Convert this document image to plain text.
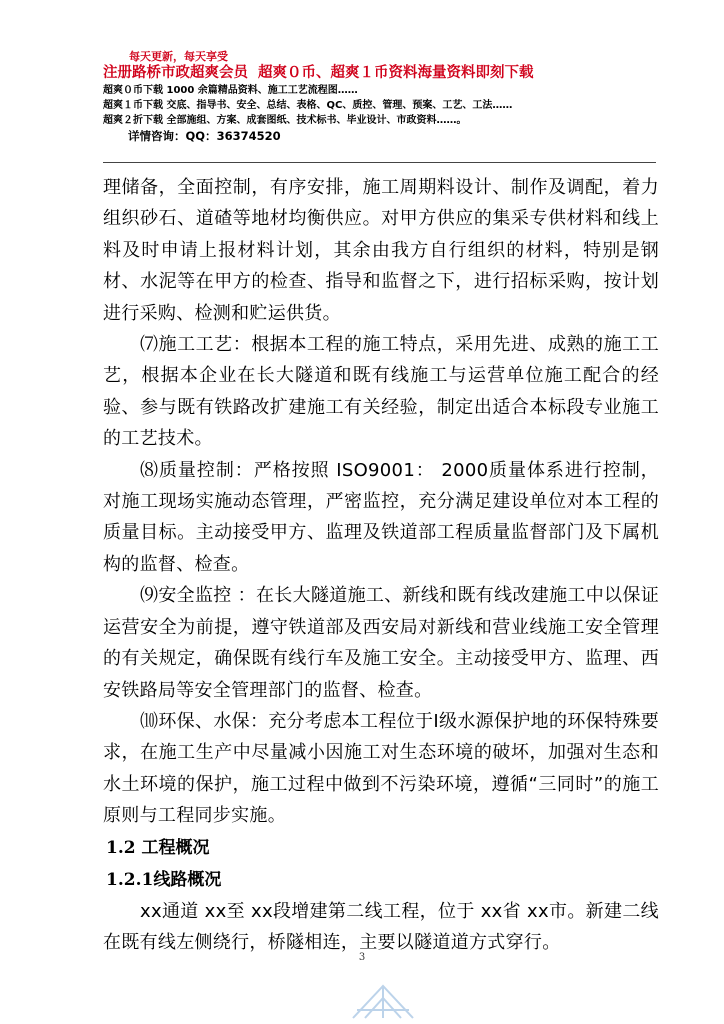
每天更新，每天享受
注册路桥市政超爽会员 超爽０币、超爽１币资料海量资料即刻下载
超爽０币下载 1000 余篇精品资料、施工工艺流程图……
超爽１币下载 交底、指导书、安全、总结、表格、QC、质控、管理、预案、工艺、工法……
超爽２折下载 全部施组、方案、成套图纸、技术标书、毕业设计、市政资料……。
详情咨询：QQ：36374520

理储备，全面控制，有序安排，施工周期料设计、制作及调配，着力组织砂石、道碴等地材均衡供应。对甲方供应的集采专供材料和线上料及时申请上报材料计划，其余由我方自行组织的材料，特别是钢材、水泥等在甲方的检查、指导和监督之下，进行招标采购，按计划进行采购、检测和贮运供货。

⑺施工工艺：根据本工程的施工特点，采用先进、成熟的施工工艺，根据本企业在长大隧道和既有线施工与运营单位施工配合的经验、参与既有铁路改扩建施工有关经验，制定出适合本标段专业施工的工艺技术。

⑻质量控制：严格按照 ISO9001： 2000质量体系进行控制，对施工现场实施动态管理，严密监控，充分满足建设单位对本工程的质量目标。主动接受甲方、监理及铁道部工程质量监督部门及下属机构的监督、检查。

⑼安全监控 ：在长大隧道施工、新线和既有线改建施工中以保证运营安全为前提，遵守铁道部及西安局对新线和营业线施工安全管理的有关规定，确保既有线行车及施工安全。主动接受甲方、监理、西安铁路局等安全管理部门的监督、检查。

⑽环保、水保：充分考虑本工程位于Ⅰ级水源保护地的环保特殊要求，在施工生产中尽量减小因施工对生态环境的破坏，加强对生态和水土环境的保护，施工过程中做到不污染环境，遵循“三同时”的施工原则与工程同步实施。

1.2 工程概况
1.2.1线路概况

xx通道 xx至 xx段增建第二线工程，位于 xx省 xx市。新建二线在既有线左侧绕行，桥隧相连，主要以隧道道方式穿行。

3
